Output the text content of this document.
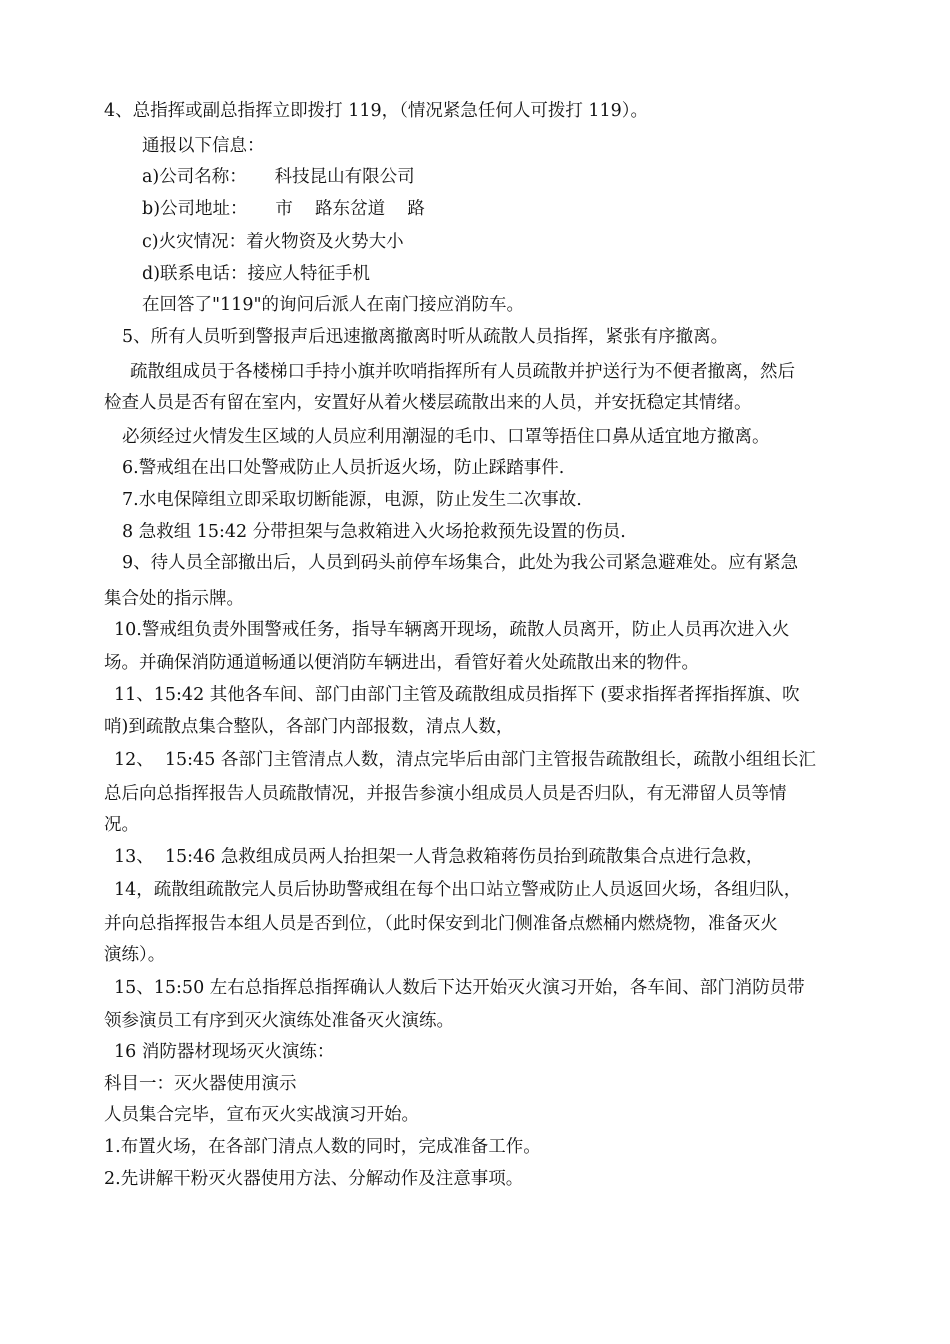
4、总指挥或副总指挥立即拨打 119，（情况紧急任何人可拨打 119）。
通报以下信息：
a)公司名称：     科技昆山有限公司
b)公司地址：     市    路东岔道    路
c)火灾情况：着火物资及火势大小
d)联系电话：接应人特征手机
在回答了"119"的询问后派人在南门接应消防车。
5、所有人员听到警报声后迅速撤离撤离时听从疏散人员指挥，紧张有序撤离。
疏散组成员于各楼梯口手持小旗并吹哨指挥所有人员疏散并护送行为不便者撤离，然后
检查人员是否有留在室内，安置好从着火楼层疏散出来的人员，并安抚稳定其情绪。
必须经过火情发生区域的人员应利用潮湿的毛巾、口罩等捂住口鼻从适宜地方撤离。
6.警戒组在出口处警戒防止人员折返火场，防止踩踏事件.
7.水电保障组立即采取切断能源，电源，防止发生二次事故.
8 急救组 15:42 分带担架与急救箱进入火场抢救预先设置的伤员.
9、待人员全部撤出后，人员到码头前停车场集合，此处为我公司紧急避难处。应有紧急
集合处的指示牌。
10.警戒组负责外围警戒任务，指导车辆离开现场，疏散人员离开，防止人员再次进入火
场。并确保消防通道畅通以便消防车辆进出，看管好着火处疏散出来的物件。
11、15:42 其他各车间、部门由部门主管及疏散组成员指挥下 (要求指挥者挥指挥旗、吹
哨)到疏散点集合整队，各部门内部报数，清点人数，
12、  15:45 各部门主管清点人数，清点完毕后由部门主管报告疏散组长，疏散小组组长汇
总后向总指挥报告人员疏散情况，并报告参演小组成员人员是否归队，有无滞留人员等情
况。
13、  15:46 急救组成员两人抬担架一人背急救箱蒋伤员抬到疏散集合点进行急救，
14，疏散组疏散完人员后协助警戒组在每个出口站立警戒防止人员返回火场，各组归队，
并向总指挥报告本组人员是否到位，（此时保安到北门侧准备点燃桶内燃烧物，准备灭火
演练）。
15、15:50 左右总指挥总指挥确认人数后下达开始灭火演习开始，各车间、部门消防员带
领参演员工有序到灭火演练处准备灭火演练。
16 消防器材现场灭火演练：
科目一：灭火器使用演示
人员集合完毕，宣布灭火实战演习开始。
1.布置火场，在各部门清点人数的同时，完成准备工作。
2.先讲解干粉灭火器使用方法、分解动作及注意事项。
